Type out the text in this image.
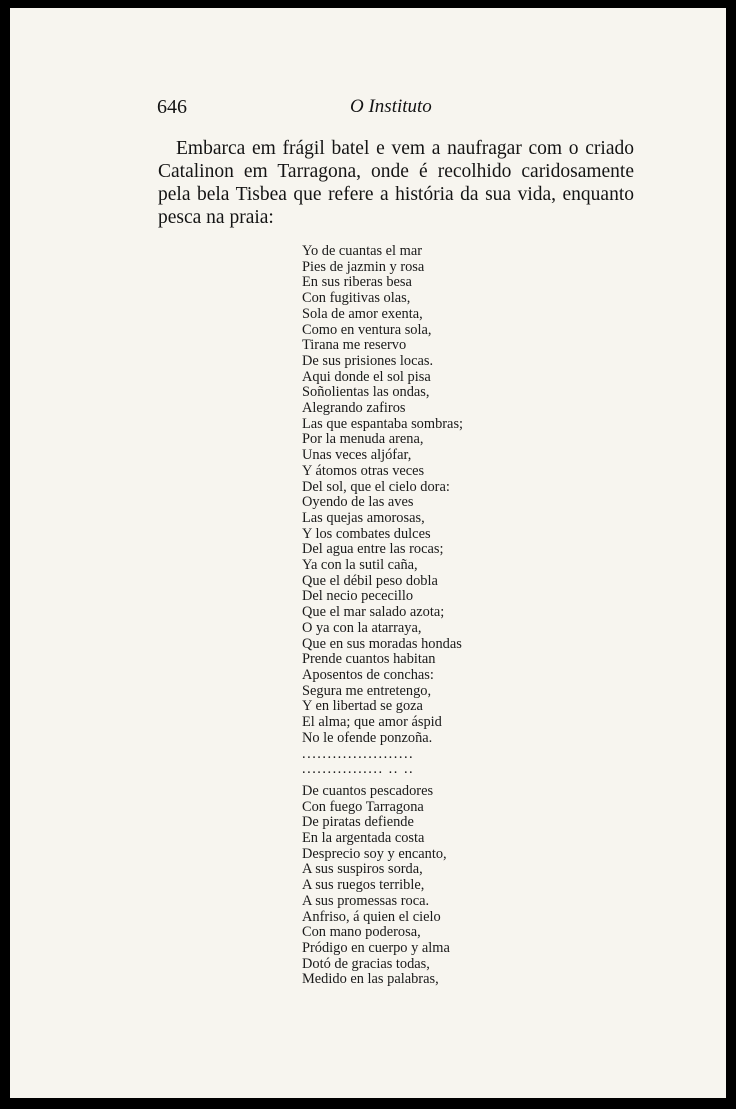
646	O Instituto

Embarca em frágil batel e vem a naufragar com o criado Catalinon em Tarragona, onde é recolhido caridosamente pela bela Tisbea que refere a história da sua vida, enquanto pesca na praia:

Yo de cuantas el mar
Pies de jazmin y rosa
En sus riberas besa
Con fugitivas olas,
Sola de amor exenta,
Como en ventura sola,
Tirana me reservo
De sus prisiones locas.
Aqui donde el sol pisa
Soñolientas las ondas,
Alegrando zafiros
Las que espantaba sombras;
Por la menuda arena,
Unas veces aljófar,
Y átomos otras veces
Del sol, que el cielo dora:
Oyendo de las aves
Las quejas amorosas,
Y los combates dulces
Del agua entre las rocas;
Ya con la sutil caña,
Que el débil peso dobla
Del necio pececillo
Que el mar salado azota;
O ya con la atarraya,
Que en sus moradas hondas
Prende cuantos habitan
Aposentos de conchas:
Segura me entretengo,
Y en libertad se goza
El alma; que amor áspid
No le ofende ponzoña.
......................
................ .. ..
De cuantos pescadores
Con fuego Tarragona
De piratas defiende
En la argentada costa
Desprecio soy y encanto,
A sus suspiros sorda,
A sus ruegos terrible,
A sus promessas roca.
Anfriso, á quien el cielo
Con mano poderosa,
Pródigo en cuerpo y alma
Dotó de gracias todas,
Medido en las palabras,
